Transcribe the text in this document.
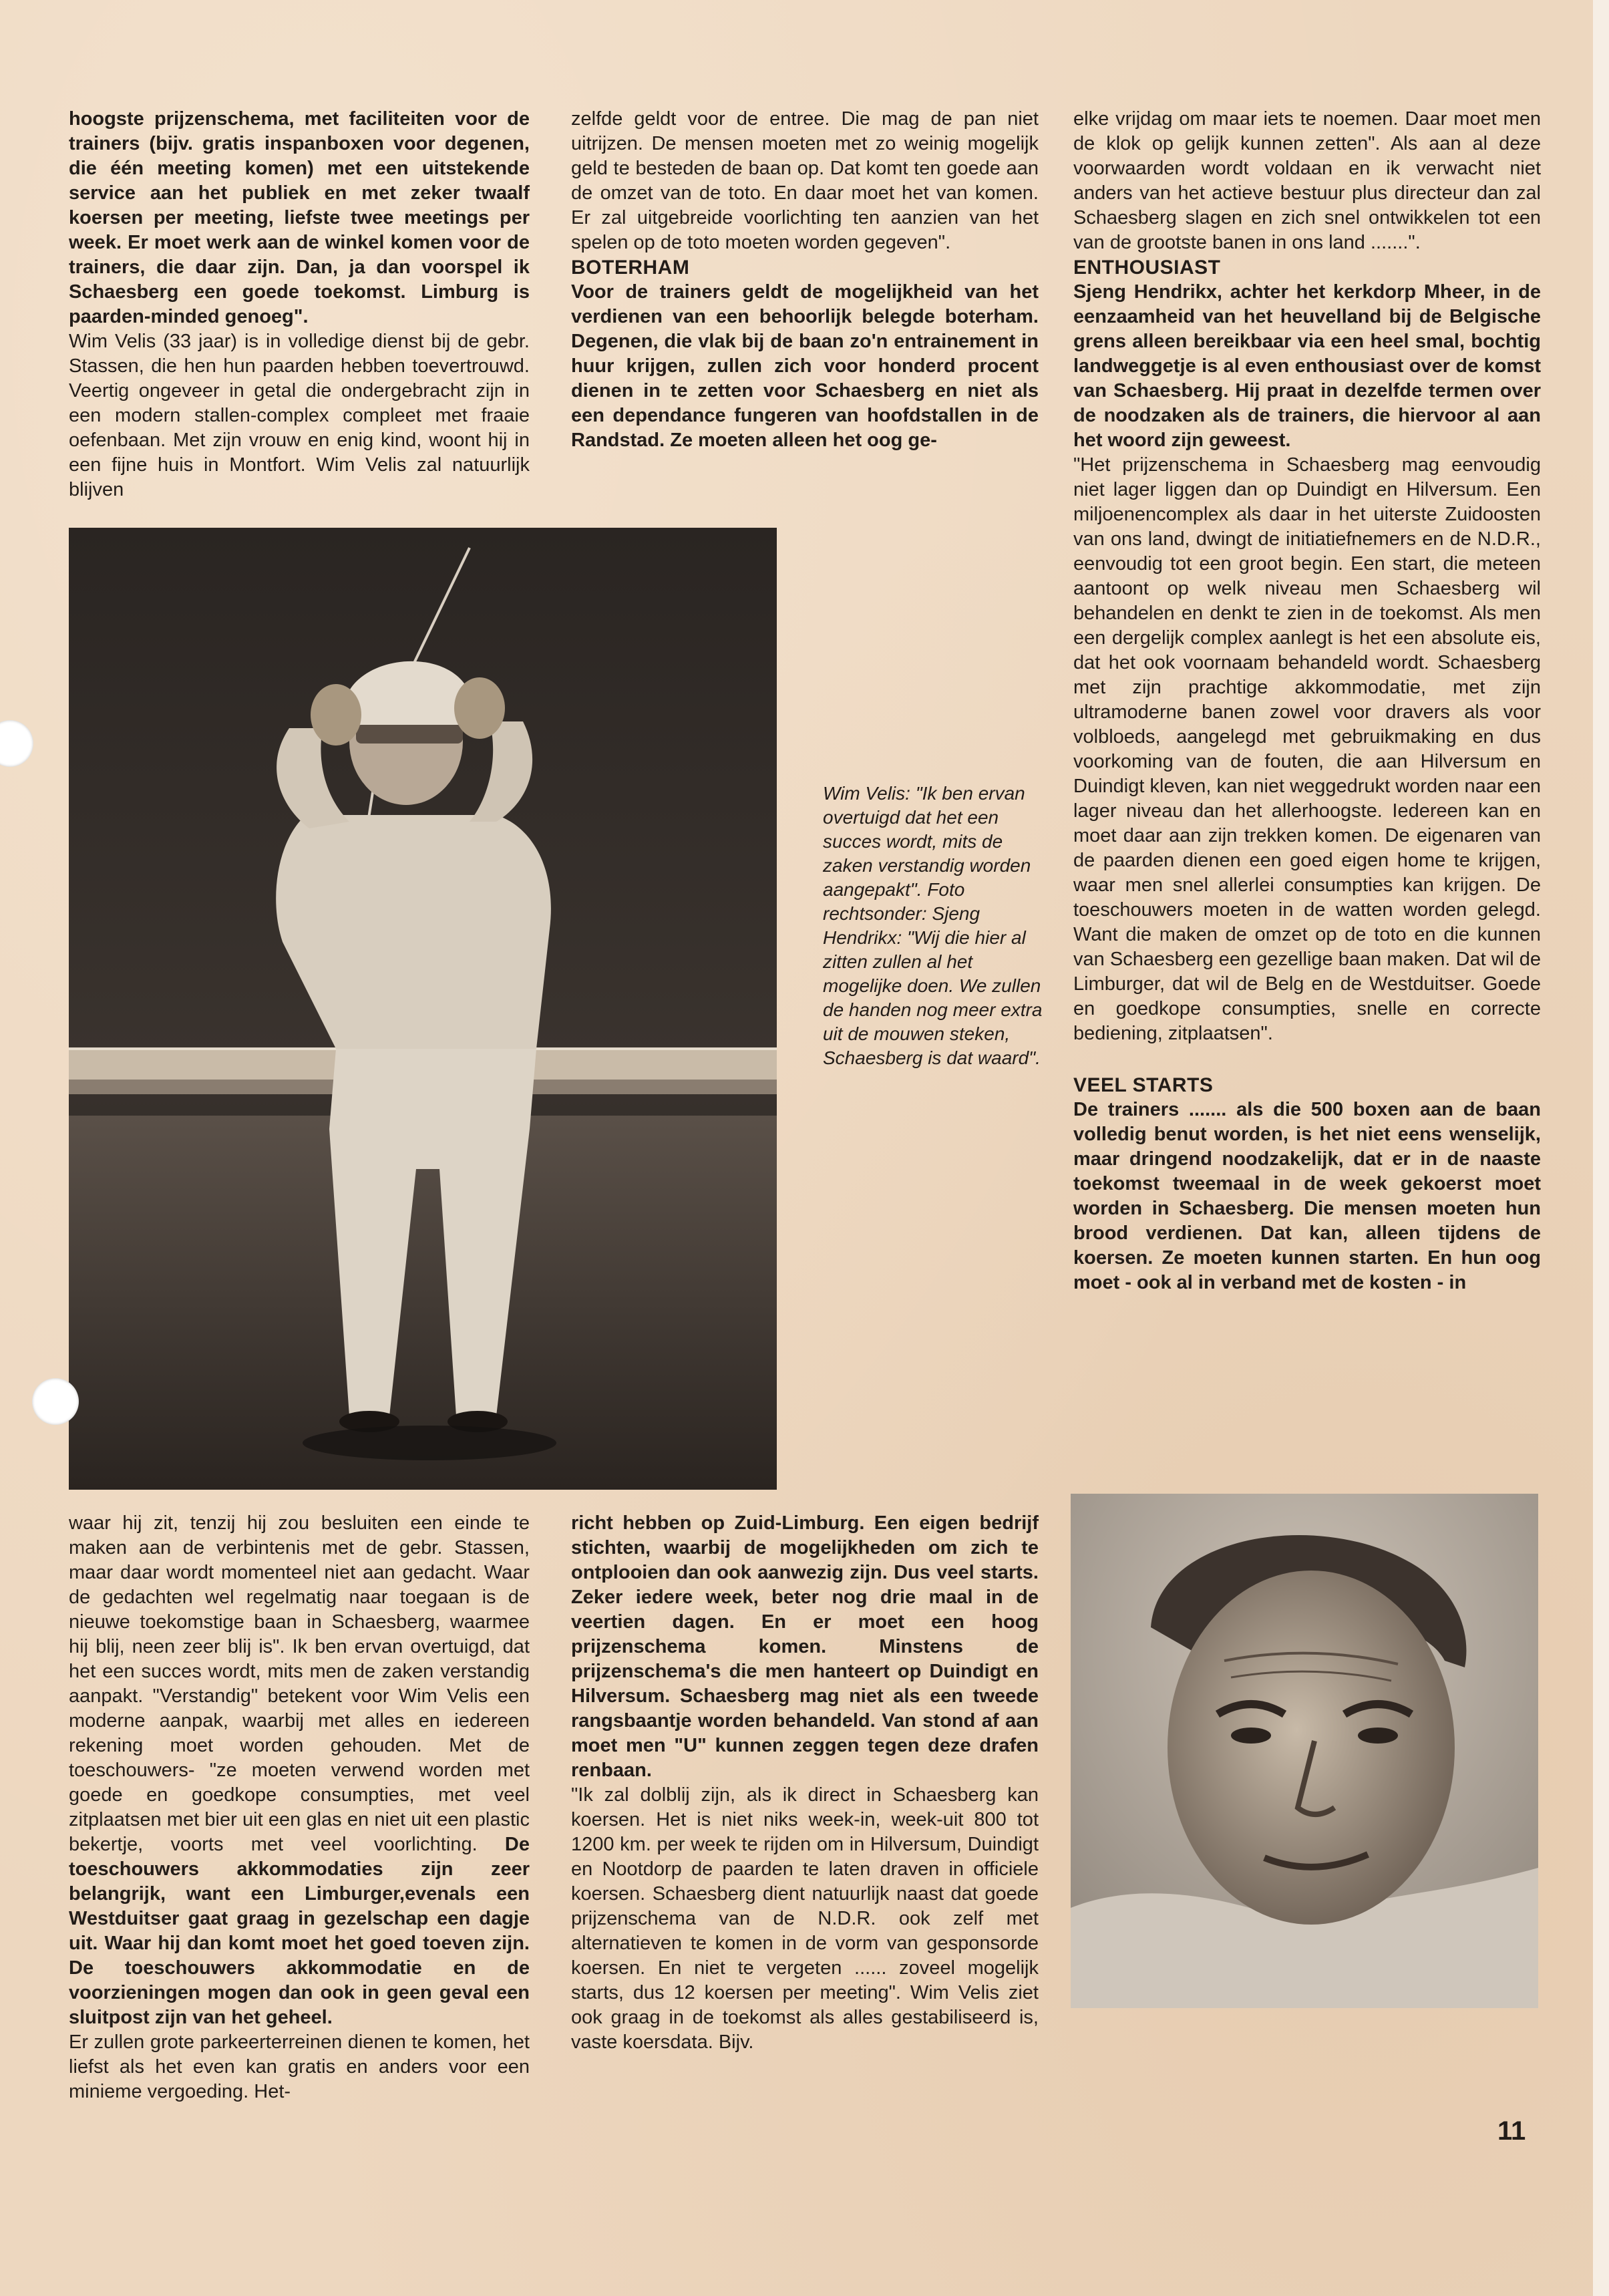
hoogste prijzenschema, met faciliteiten voor de trainers (bijv. gratis inspanboxen voor degenen, die één meeting komen) met een uitstekende service aan het publiek en met zeker twaalf koersen per meeting, liefste twee meetings per week. Er moet werk aan de winkel komen voor de trainers, die daar zijn. Dan, ja dan voorspel ik Schaesberg een goede toekomst. Limburg is paarden-minded genoeg".

Wim Velis (33 jaar) is in volledige dienst bij de gebr. Stassen, die hen hun paarden hebben toevertrouwd. Veertig ongeveer in getal die ondergebracht zijn in een modern stallen-complex compleet met fraaie oefenbaan. Met zijn vrouw en enig kind, woont hij in een fijne huis in Montfort. Wim Velis zal natuurlijk blijven

zelfde geldt voor de entree. Die mag de pan niet uitrijzen. De mensen moeten met zo weinig mogelijk geld te besteden de baan op. Dat komt ten goede aan de omzet van de toto. En daar moet het van komen. Er zal uitgebreide voorlichting ten aanzien van het spelen op de toto moeten worden gegeven".

BOTERHAM

Voor de trainers geldt de mogelijkheid van het verdienen van een behoorlijk belegde boterham. Degenen, die vlak bij de baan zo'n entrainement in huur krijgen, zullen zich voor honderd procent dienen in te zetten voor Schaesberg en niet als een dependance fungeren van hoofdstallen in de Randstad. Ze moeten alleen het oog ge-

elke vrijdag om maar iets te noemen. Daar moet men de klok op gelijk kunnen zetten". Als aan al deze voorwaarden wordt voldaan en ik verwacht niet anders van het actieve bestuur plus directeur dan zal Schaesberg slagen en zich snel ontwikkelen tot een van de grootste banen in ons land .......".

ENTHOUSIAST

Sjeng Hendrikx, achter het kerkdorp Mheer, in de eenzaamheid van het heuvelland bij de Belgische grens alleen bereikbaar via een heel smal, bochtig landweggetje is al even enthousiast over de komst van Schaesberg. Hij praat in dezelfde termen over de noodzaken als de trainers, die hiervoor al aan het woord zijn geweest.

"Het prijzenschema in Schaesberg mag eenvoudig niet lager liggen dan op Duindigt en Hilversum. Een miljoenencomplex als daar in het uiterste Zuidoosten van ons land, dwingt de initiatiefnemers en de N.D.R., eenvoudig tot een groot begin. Een start, die meteen aantoont op welk niveau men Schaesberg wil behandelen en denkt te zien in de toekomst. Als men een dergelijk complex aanlegt is het een absolute eis, dat het ook voornaam behandeld wordt. Schaesberg met zijn prachtige akkommodatie, met zijn ultramoderne banen zowel voor dravers als voor volbloeds, aangelegd met gebruikmaking en dus voorkoming van de fouten, die aan Hilversum en Duindigt kleven, kan niet weggedrukt worden naar een lager niveau dan het allerhoogste. Iedereen kan en moet daar aan zijn trekken komen. De eigenaren van de paarden dienen een goed eigen home te krijgen, waar men snel allerlei consumpties kan krijgen. De toeschouwers moeten in de watten worden gelegd. Want die maken de omzet op de toto en die kunnen van Schaesberg een gezellige baan maken. Dat wil de Limburger, dat wil de Belg en de Westduitser. Goede en goedkope consumpties, snelle en correcte bediening, zitplaatsen".

VEEL STARTS

De trainers ....... als die 500 boxen aan de baan volledig benut worden, is het niet eens wenselijk, maar dringend noodzakelijk, dat er in de naaste toekomst tweemaal in de week gekoerst moet worden in Schaesberg. Die mensen moeten hun brood verdienen. Dat kan, alleen tijdens de koersen. Ze moeten kunnen starten. En hun oog moet - ook al in verband met de kosten - in

Wim Velis: "Ik ben ervan overtuigd dat het een succes wordt, mits de zaken verstandig worden aangepakt". Foto rechtsonder: Sjeng Hendrikx: "Wij die hier al zitten zullen al het mogelijke doen. We zullen de handen nog meer extra uit de mouwen steken, Schaesberg is dat waard".

waar hij zit, tenzij hij zou besluiten een einde te maken aan de verbintenis met de gebr. Stassen, maar daar wordt momenteel niet aan gedacht. Waar de gedachten wel regelmatig naar toegaan is de nieuwe toekomstige baan in Schaesberg, waarmee hij blij, neen zeer blij is". Ik ben ervan overtuigd, dat het een succes wordt, mits men de zaken verstandig aanpakt. "Verstandig" betekent voor Wim Velis een moderne aanpak, waarbij met alles en iedereen rekening moet worden gehouden. Met de toeschouwers- "ze moeten verwend worden met goede en goedkope consumpties, met veel zitplaatsen met bier uit een glas en niet uit een plastic bekertje, voorts met veel voorlichting. De toeschouwers akkommodaties zijn zeer belangrijk, want een Limburger,evenals een Westduitser gaat graag in gezelschap een dagje uit. Waar hij dan komt moet het goed toeven zijn. De toeschouwers akkommodatie en de voorzieningen mogen dan ook in geen geval een sluitpost zijn van het geheel.

Er zullen grote parkeerterreinen dienen te komen, het liefst als het even kan gratis en anders voor een minieme vergoeding. Het-

richt hebben op Zuid-Limburg. Een eigen bedrijf stichten, waarbij de mogelijkheden om zich te ontplooien dan ook aanwezig zijn. Dus veel starts. Zeker iedere week, beter nog drie maal in de veertien dagen. En er moet een hoog prijzenschema komen. Minstens de prijzenschema's die men hanteert op Duindigt en Hilversum. Schaesberg mag niet als een tweede rangsbaantje worden behandeld. Van stond af aan moet men "U" kunnen zeggen tegen deze drafen renbaan.

"Ik zal dolblij zijn, als ik direct in Schaesberg kan koersen. Het is niet niks week-in, week-uit 800 tot 1200 km. per week te rijden om in Hilversum, Duindigt en Nootdorp de paarden te laten draven in officiele koersen. Schaesberg dient natuurlijk naast dat goede prijzenschema van de N.D.R. ook zelf met alternatieven te komen in de vorm van gesponsorde koersen. En niet te vergeten ...... zoveel mogelijk starts, dus 12 koersen per meeting". Wim Velis ziet ook graag in de toekomst als alles gestabiliseerd is, vaste koersdata. Bijv.

11
